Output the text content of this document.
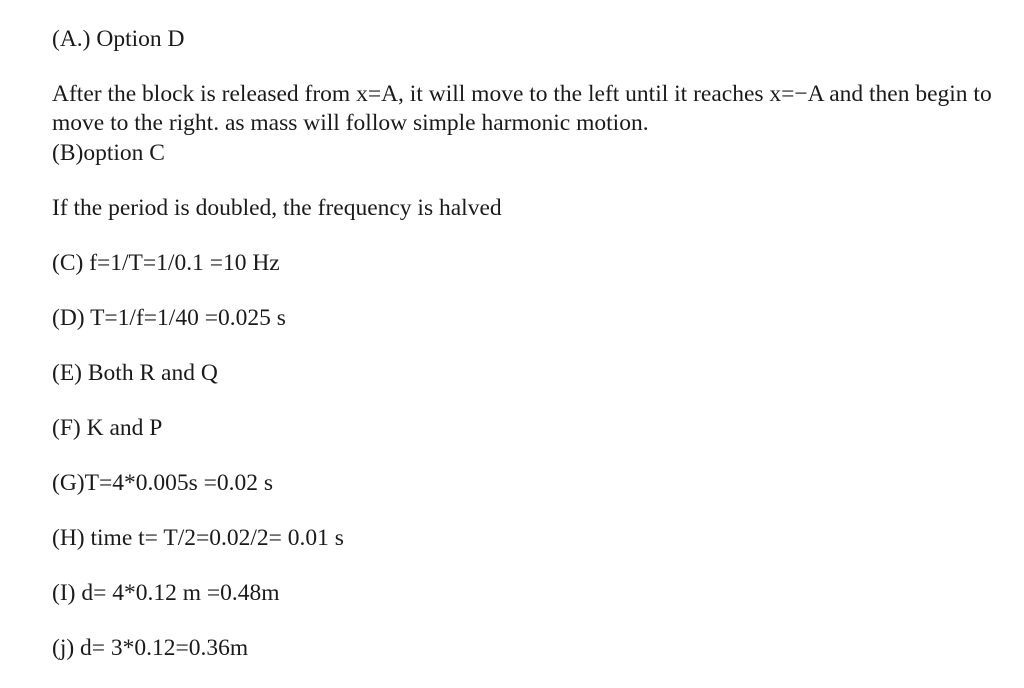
(A.) Option D
After the block is released from x=A, it will move to the left until it reaches x=−A and then begin to move to the right. as mass will follow simple harmonic motion.
(B)option C
If the period is doubled, the frequency is halved
(C) f=1/T=1/0.1 =10 Hz
(D) T=1/f=1/40 =0.025 s
(E) Both R and Q
(F) K and P
(G)T=4*0.005s =0.02 s
(H) time t= T/2=0.02/2= 0.01 s
(I) d= 4*0.12 m =0.48m
(j) d= 3*0.12=0.36m
